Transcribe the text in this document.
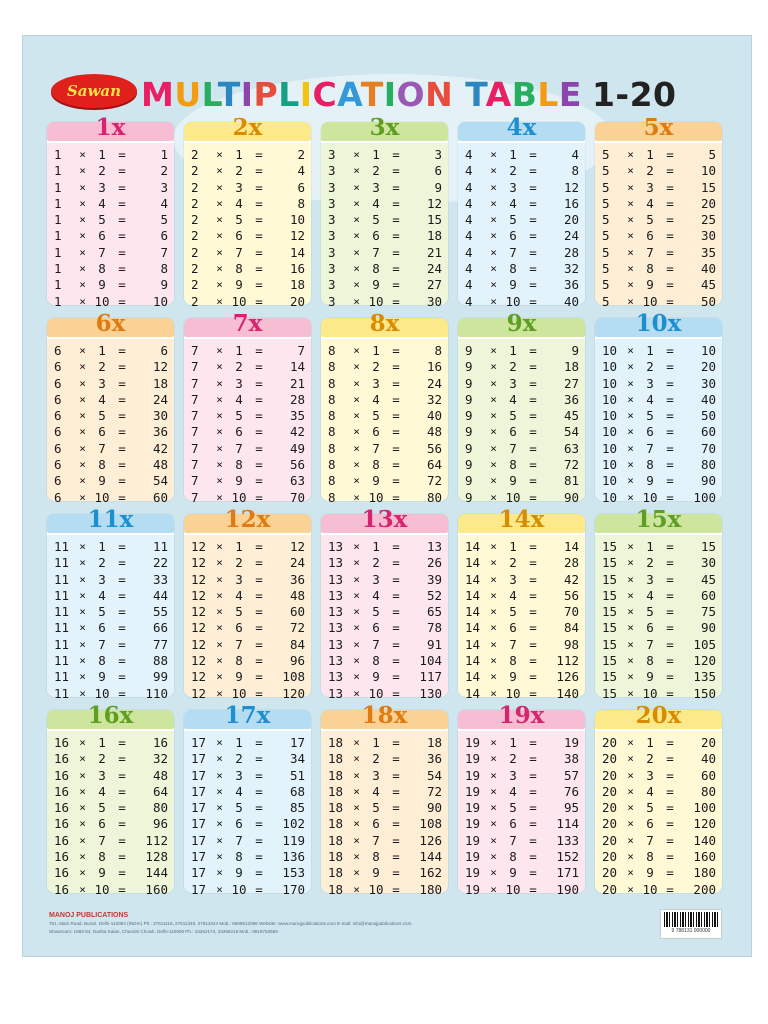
Sawan MULTIPLICATION TABLE 1-20
1x
1	× 1 =	1
1	× 2 =	2
1	× 3 =	3
1	× 4 =	4
1	× 5 =	5
1	× 6 =	6
1	× 7 =	7
1	× 8 =	8
1	× 9 =	9
1	× 10 =	10
2x
2	× 1 =	2
2	× 2 =	4
2	× 3 =	6
2	× 4 =	8
2	× 5 =	10
2	× 6 =	12
2	× 7 =	14
2	× 8 =	16
2	× 9 =	18
2	× 10 =	20
3x
3	× 1 =	3
3	× 2 =	6
3	× 3 =	9
3	× 4 =	12
3	× 5 =	15
3	× 6 =	18
3	× 7 =	21
3	× 8 =	24
3	× 9 =	27
3	× 10 =	30
4x
4	× 1 =	4
4	× 2 =	8
4	× 3 =	12
4	× 4 =	16
4	× 5 =	20
4	× 6 =	24
4	× 7 =	28
4	× 8 =	32
4	× 9 =	36
4	× 10 =	40
5x
5	× 1 =	5
5	× 2 =	10
5	× 3 =	15
5	× 4 =	20
5	× 5 =	25
5	× 6 =	30
5	× 7 =	35
5	× 8 =	40
5	× 9 =	45
5	× 10 =	50
6x
6	× 1 =	6
6	× 2 =	12
6	× 3 =	18
6	× 4 =	24
6	× 5 =	30
6	× 6 =	36
6	× 7 =	42
6	× 8 =	48
6	× 9 =	54
6	× 10 =	60
7x
7	× 1 =	7
7	× 2 =	14
7	× 3 =	21
7	× 4 =	28
7	× 5 =	35
7	× 6 =	42
7	× 7 =	49
7	× 8 =	56
7	× 9 =	63
7	× 10 =	70
8x
8	× 1 =	8
8	× 2 =	16
8	× 3 =	24
8	× 4 =	32
8	× 5 =	40
8	× 6 =	48
8	× 7 =	56
8	× 8 =	64
8	× 9 =	72
8	× 10 =	80
9x
9	× 1 =	9
9	× 2 =	18
9	× 3 =	27
9	× 4 =	36
9	× 5 =	45
9	× 6 =	54
9	× 7 =	63
9	× 8 =	72
9	× 9 =	81
9	× 10 =	90
10x
10 × 1 =	10
10 × 2 =	20
10 × 3 =	30
10 × 4 =	40
10 × 5 =	50
10 × 6 =	60
10 × 7 =	70
10 × 8 =	80
10 × 9 =	90
10 × 10 =	100
11x
11 × 1 =	11
11 × 2 =	22
11 × 3 =	33
11 × 4 =	44
11 × 5 =	55
11 × 6 =	66
11 × 7 =	77
11 × 8 =	88
11 × 9 =	99
11 × 10 =	110
12x
12 × 1 =	12
12 × 2 =	24
12 × 3 =	36
12 × 4 =	48
12 × 5 =	60
12 × 6 =	72
12 × 7 =	84
12 × 8 =	96
12 × 9 =	108
12 × 10 =	120
13x
13 × 1 =	13
13 × 2 =	26
13 × 3 =	39
13 × 4 =	52
13 × 5 =	65
13 × 6 =	78
13 × 7 =	91
13 × 8 =	104
13 × 9 =	117
13 × 10 =	130
14x
14 × 1 =	14
14 × 2 =	28
14 × 3 =	42
14 × 4 =	56
14 × 5 =	70
14 × 6 =	84
14 × 7 =	98
14 × 8 =	112
14 × 9 =	126
14 × 10 =	140
15x
15 × 1 =	15
15 × 2 =	30
15 × 3 =	45
15 × 4 =	60
15 × 5 =	75
15 × 6 =	90
15 × 7 =	105
15 × 8 =	120
15 × 9 =	135
15 × 10 =	150
16x
16 × 1 =	16
16 × 2 =	32
16 × 3 =	48
16 × 4 =	64
16 × 5 =	80
16 × 6 =	96
16 × 7 =	112
16 × 8 =	128
16 × 9 =	144
16 × 10 =	160
17x
17 × 1 =	17
17 × 2 =	34
17 × 3 =	51
17 × 4 =	68
17 × 5 =	85
17 × 6 =	102
17 × 7 =	119
17 × 8 =	136
17 × 9 =	153
17 × 10 =	170
18x
18 × 1 =	18
18 × 2 =	36
18 × 3 =	54
18 × 4 =	72
18 × 5 =	90
18 × 6 =	108
18 × 7 =	126
18 × 8 =	144
18 × 9 =	162
18 × 10 =	180
19x
19 × 1 =	19
19 × 2 =	38
19 × 3 =	57
19 × 4 =	76
19 × 5 =	95
19 × 6 =	114
19 × 7 =	133
19 × 8 =	152
19 × 9 =	171
19 × 10 =	190
20x
20 × 1 =	20
20 × 2 =	40
20 × 3 =	60
20 × 4 =	80
20 × 5 =	100
20 × 6 =	120
20 × 7 =	140
20 × 8 =	160
20 × 9 =	180
20 × 10 =	200
MANOJ PUBLICATIONS
761, Main Road, Burari, Delhi-110084 (INDIA) Ph.: 27611116, 27611349, 27612044 Mob.: 8588812096 Website: www.manojpublications.com E-mail: info@manojpublications.com
Showroom: 1583-84, Dariba Kalan, Chandni Chowk, Delhi-110006 Ph.: 23262174, 23268216 Mob.: 9818753569	9 788131 000000
